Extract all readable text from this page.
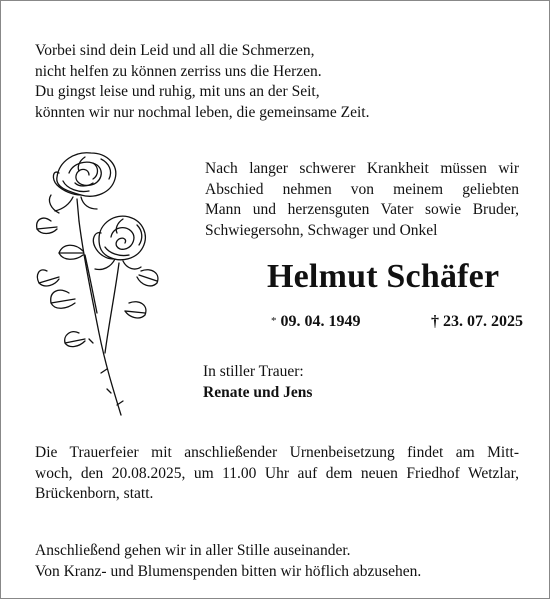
Vorbei sind dein Leid und all die Schmerzen,
nicht helfen zu können zerriss uns die Herzen.
Du gingst leise und ruhig, mit uns an der Seit,
könnten wir nur nochmal leben, die gemeinsame Zeit.
Nach langer schwerer Krankheit müssen wir
Abschied nehmen von meinem geliebten
Mann und herzensguten Vater sowie Bruder,
Schwiegersohn, Schwager und Onkel
Helmut Schäfer
* 09. 04. 1949	† 23. 07. 2025
In stiller Trauer:
Renate und Jens
Die Trauerfeier mit anschließender Urnenbeisetzung findet am Mitt-
woch, den 20.08.2025, um 11.00 Uhr auf dem neuen Friedhof Wetzlar,
Brückenborn, statt.
Anschließend gehen wir in aller Stille auseinander.
Von Kranz- und Blumenspenden bitten wir höflich abzusehen.
